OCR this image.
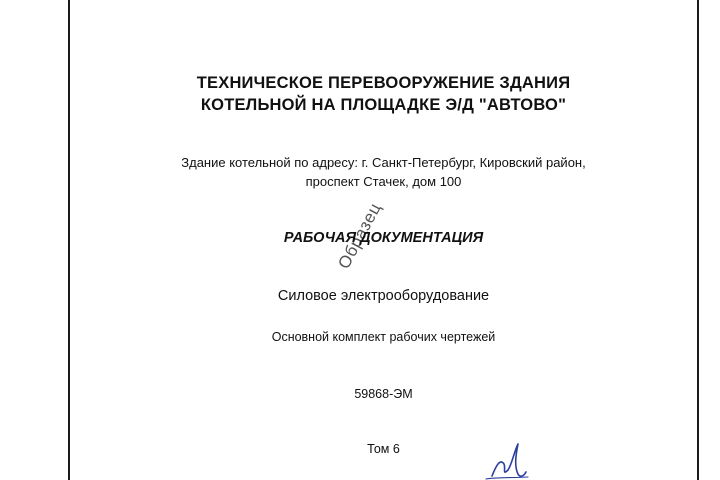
ТЕХНИЧЕСКОЕ ПЕРЕВООРУЖЕНИЕ ЗДАНИЯ
КОТЕЛЬНОЙ НА ПЛОЩАДКЕ Э/Д "АВТОВО"
Здание котельной по адресу: г. Санкт-Петербург, Кировский район,
проспект Стачек, дом 100
РАБОЧАЯ ДОКУМЕНТАЦИЯ
Образец
Силовое электрооборудование
Основной комплект рабочих чертежей
59868-ЭМ
Том 6
